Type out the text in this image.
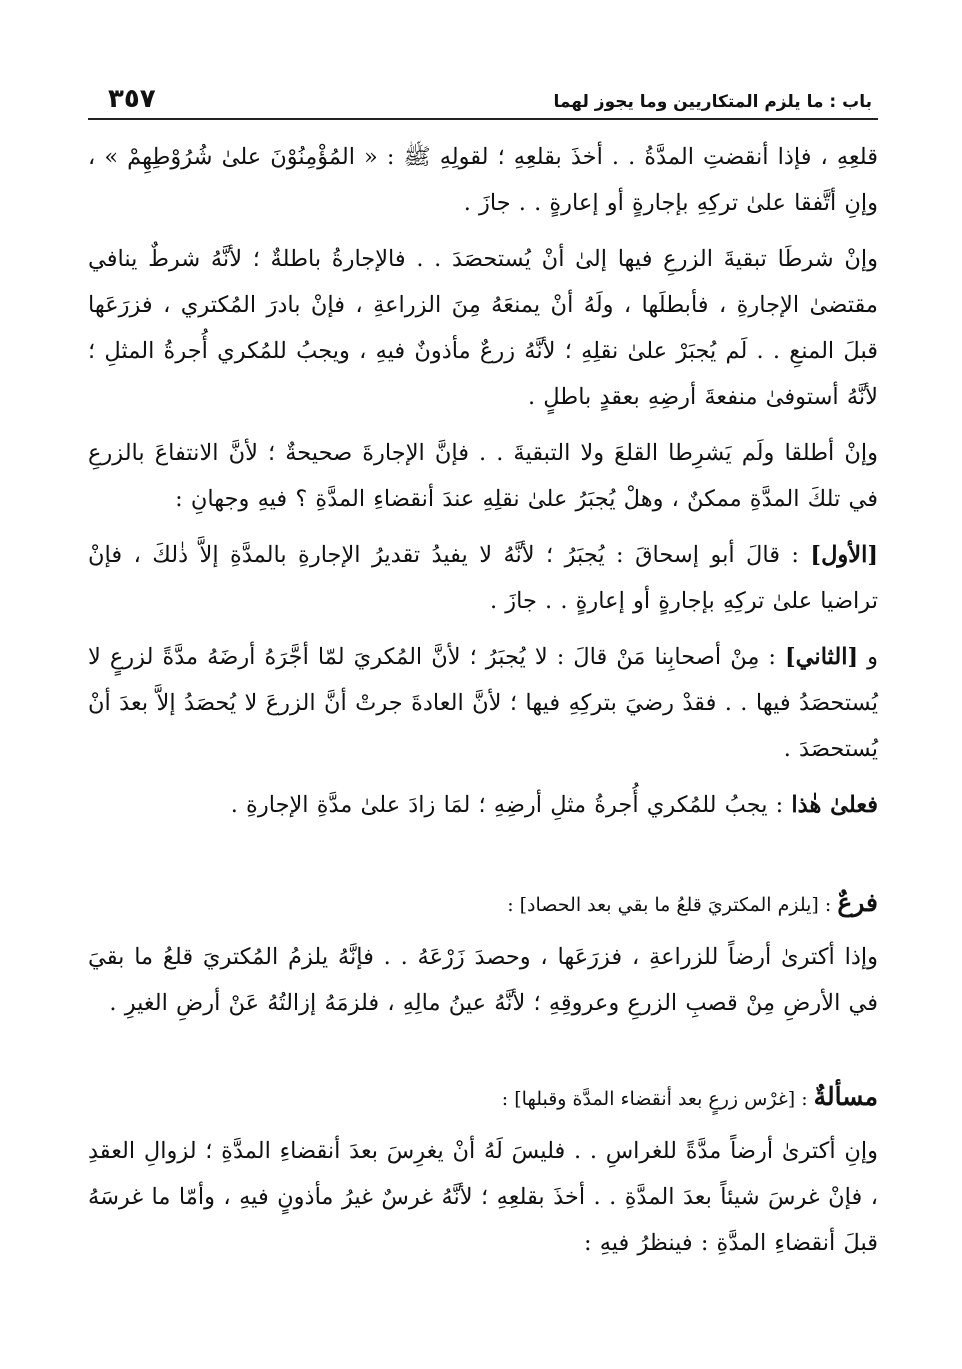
باب : ما يلزم المتكاريين وما يجوز لهما
٣٥٧

قلعِهِ ، فإذا أنقضتِ المدَّةُ . . أخذَ بقلعِهِ ؛ لقولِهِ ﷺ : « المُؤْمِنُوْنَ علىٰ شُرُوْطِهِمْ » ، وإنِ أتَّفقا علىٰ تركِهِ بإجارةٍ أو إعارةٍ . . جازَ .

وإنْ شرطَا تبقيةَ الزرعِ فيها إلىٰ أنْ يُستحصَدَ . . فالإجارةُ باطلةٌ ؛ لأنَّهُ شرطٌ ينافي مقتضىٰ الإجارةِ ، فأبطلَها ، ولَهُ أنْ يمنعَهُ مِنَ الزراعةِ ، فإنْ بادرَ المُكتري ، فزرَعَها قبلَ المنعِ . . لَم يُجبَرْ علىٰ نقلِهِ ؛ لأنَّهُ زرعٌ مأذونٌ فيهِ ، ويجبُ للمُكري أُجرةُ المثلِ ؛ لأنَّهُ أستوفىٰ منفعةَ أرضِهِ بعقدٍ باطلٍ .

وإنْ أطلقا ولَم يَشرِطا القلعَ ولا التبقيةَ . . فإنَّ الإجارةَ صحيحةٌ ؛ لأنَّ الانتفاعَ بالزرعِ في تلكَ المدَّةِ ممكنٌ ، وهلْ يُجبَرُ علىٰ نقلِهِ عندَ أنقضاءِ المدَّةِ ؟ فيهِ وجهانِ :

[الأول] : قالَ أبو إسحاقَ : يُجبَرُ ؛ لأنَّهُ لا يفيدُ تقديرُ الإجارةِ بالمدَّةِ إلاَّ ذٰلكَ ، فإنْ تراضيا علىٰ تركِهِ بإجارةٍ أو إعارةٍ . . جازَ .

و [الثاني] : مِنْ أصحابِنا مَنْ قالَ : لا يُجبَرُ ؛ لأنَّ المُكريَ لمّا أجَّرَهُ أرضَهُ مدَّةً لزرعٍ لا يُستحصَدُ فيها . . فقدْ رضيَ بتركِهِ فيها ؛ لأنَّ العادةَ جرتْ أنَّ الزرعَ لا يُحصَدُ إلاَّ بعدَ أنْ يُستحصَدَ .

فعلىٰ هٰذا : يجبُ للمُكري أُجرةُ مثلِ أرضِهِ ؛ لمَا زادَ علىٰ مدَّةِ الإجارةِ .

فرعٌ : [يلزم المكتريَ قلعُ ما بقي بعد الحصاد] :

وإذا أكترىٰ أرضاً للزراعةِ ، فزرَعَها ، وحصدَ زَرْعَهُ . . فإنَّهُ يلزمُ المُكتريَ قلعُ ما بقيَ في الأرضِ مِنْ قصبِ الزرعِ وعروقِهِ ؛ لأنَّهُ عينُ مالِهِ ، فلزمَهُ إزالتُهُ عَنْ أرضِ الغيرِ .

مسألةٌ : [غرْس زرعٍ بعد أنقضاء المدَّة وقبلها] :

وإنِ أكترىٰ أرضاً مدَّةً للغراسِ . . فليسَ لَهُ أنْ يغرِسَ بعدَ أنقضاءِ المدَّةِ ؛ لزوالِ العقدِ ، فإنْ غرسَ شيئاً بعدَ المدَّةِ . . أخذَ بقلعِهِ ؛ لأنَّهُ غرسٌ غيرُ مأذونٍ فيهِ ، وأمّا ما غرسَهُ قبلَ أنقضاءِ المدَّةِ : فينظرُ فيهِ :
